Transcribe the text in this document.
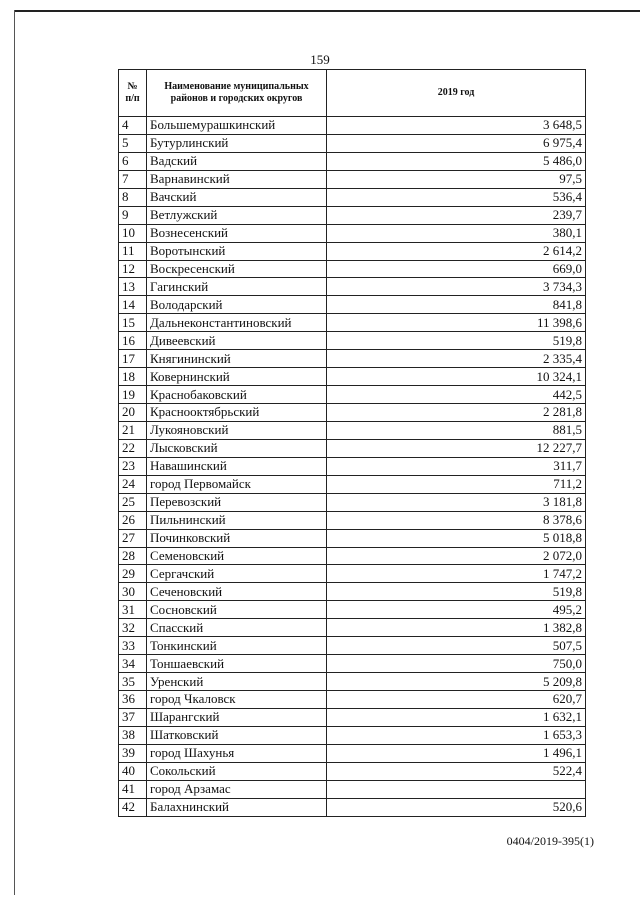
159
№ п/п	Наименование муниципальных районов и городских округов	2019 год
4	Большемурашкинский	3 648,5
5	Бутурлинский	6 975,4
6	Вадский	5 486,0
7	Варнавинский	97,5
8	Вачский	536,4
9	Ветлужский	239,7
10	Вознесенский	380,1
11	Воротынский	2 614,2
12	Воскресенский	669,0
13	Гагинский	3 734,3
14	Володарский	841,8
15	Дальнеконстантиновский	11 398,6
16	Дивеевский	519,8
17	Княгининский	2 335,4
18	Ковернинский	10 324,1
19	Краснобаковский	442,5
20	Краснооктябрьский	2 281,8
21	Лукояновский	881,5
22	Лысковский	12 227,7
23	Навашинский	311,7
24	город Первомайск	711,2
25	Перевозский	3 181,8
26	Пильнинский	8 378,6
27	Починковский	5 018,8
28	Семеновский	2 072,0
29	Сергачский	1 747,2
30	Сеченовский	519,8
31	Сосновский	495,2
32	Спасский	1 382,8
33	Тонкинский	507,5
34	Тоншаевский	750,0
35	Уренский	5 209,8
36	город Чкаловск	620,7
37	Шарангский	1 632,1
38	Шатковский	1 653,3
39	город Шахунья	1 496,1
40	Сокольский	522,4
41	город Арзамас	
42	Балахнинский	520,6
0404/2019-395(1)
